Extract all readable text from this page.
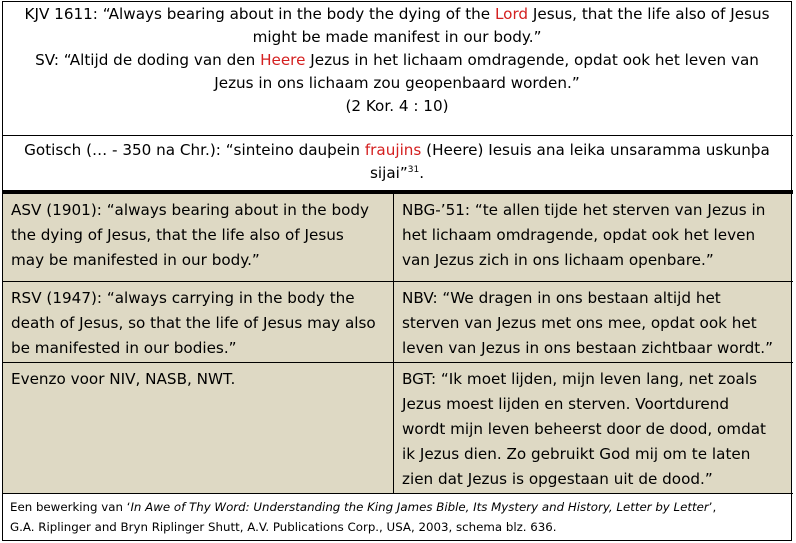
KJV 1611: “Always bearing about in the body the dying of the Lord Jesus, that the life also of Jesus

might be made manifest in our body.”

SV: “Altijd de doding van den Heere Jezus in het lichaam omdragende, opdat ook het leven van

Jezus in ons lichaam zou geopenbaard worden.”

(2 Kor. 4 : 10)

Gotisch (… - 350 na Chr.): “sinteino dauþein fraujins (Heere) Iesuis ana leika unsaramma uskunþa

sijai”$^{31}$.

ASV (1901): “always bearing about in the body

the dying of Jesus, that the life also of Jesus

may be manifested in our body.”

NBG-’51: “te allen tijde het sterven van Jezus in

het lichaam omdragende, opdat ook het leven

van Jezus zich in ons lichaam openbare.”

RSV (1947): “always carrying in the body the

death of Jesus, so that the life of Jesus may also

be manifested in our bodies.”

NBV: “We dragen in ons bestaan altijd het

sterven van Jezus met ons mee, opdat ook het

leven van Jezus in ons bestaan zichtbaar wordt.”

Evenzo voor NIV, NASB, NWT.	BGT: “Ik moet lijden, mijn leven lang, net zoals

Jezus moest lijden en sterven. Voortdurend

wordt mijn leven beheerst door de dood, omdat

ik Jezus dien. Zo gebruikt God mij om te laten

zien dat Jezus is opgestaan uit de dood.”

Een bewerking van ‘In Awe of Thy Word: Understanding the King James Bible, Its Mystery and History, Letter by Letter’,

G.A. Riplinger and Bryn Riplinger Shutt, A.V. Publications Corp., USA, 2003, schema blz. 636.
